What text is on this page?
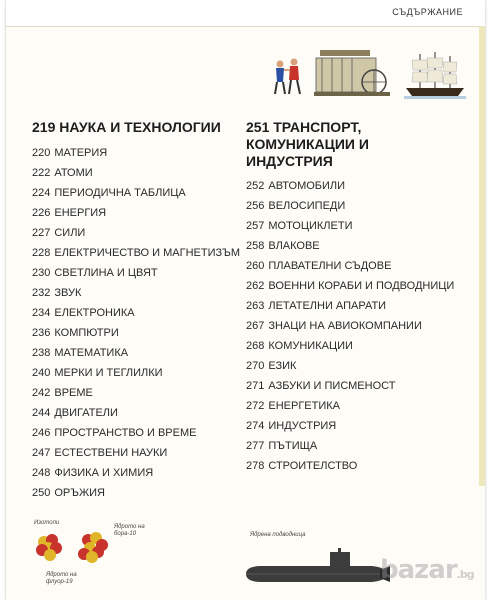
СЪДЪРЖАНИЕ
219 НАУКА И ТЕХНОЛОГИИ
220 МАТЕРИЯ
222 АТОМИ
224 ПЕРИОДИЧНА ТАБЛИЦА
226 ЕНЕРГИЯ
227 СИЛИ
228 ЕЛЕКТРИЧЕСТВО И МАГНЕТИЗЪМ
230 СВЕТЛИНА И ЦВЯТ
232 ЗВУК
234 ЕЛЕКТРОНИКА
236 КОМПЮТРИ
238 МАТЕМАТИКА
240 МЕРКИ И ТЕГЛИЛКИ
242 ВРЕМЕ
244 ДВИГАТЕЛИ
246 ПРОСТРАНСТВО И ВРЕМЕ
247 ЕСТЕСТВЕНИ НАУКИ
248 ФИЗИКА И ХИМИЯ
250 ОРЪЖИЯ
251 ТРАНСПОРТ,
КОМУНИКАЦИИ И
ИНДУСТРИЯ
252 АВТОМОБИЛИ
256 ВЕЛОСИПЕДИ
257 МОТОЦИКЛЕТИ
258 ВЛАКОВЕ
260 ПЛАВАТЕЛНИ СЪДОВЕ
262 ВОЕННИ КОРАБИ И ПОДВОДНИЦИ
263 ЛЕТАТЕЛНИ АПАРАТИ
267 ЗНАЦИ НА АВИОКОМПАНИИ
268 КОМУНИКАЦИИ
270 ЕЗИК
271 АЗБУКИ И ПИСМЕНОСТ
272 ЕНЕРГЕТИКА
274 ИНДУСТРИЯ
277 ПЪТИЩА
278 СТРОИТЕЛСТВО
Изотопи
Ядрото на
бора-10
Ядрото на
флуор-19
Ядрена подводница
bazar.bg
